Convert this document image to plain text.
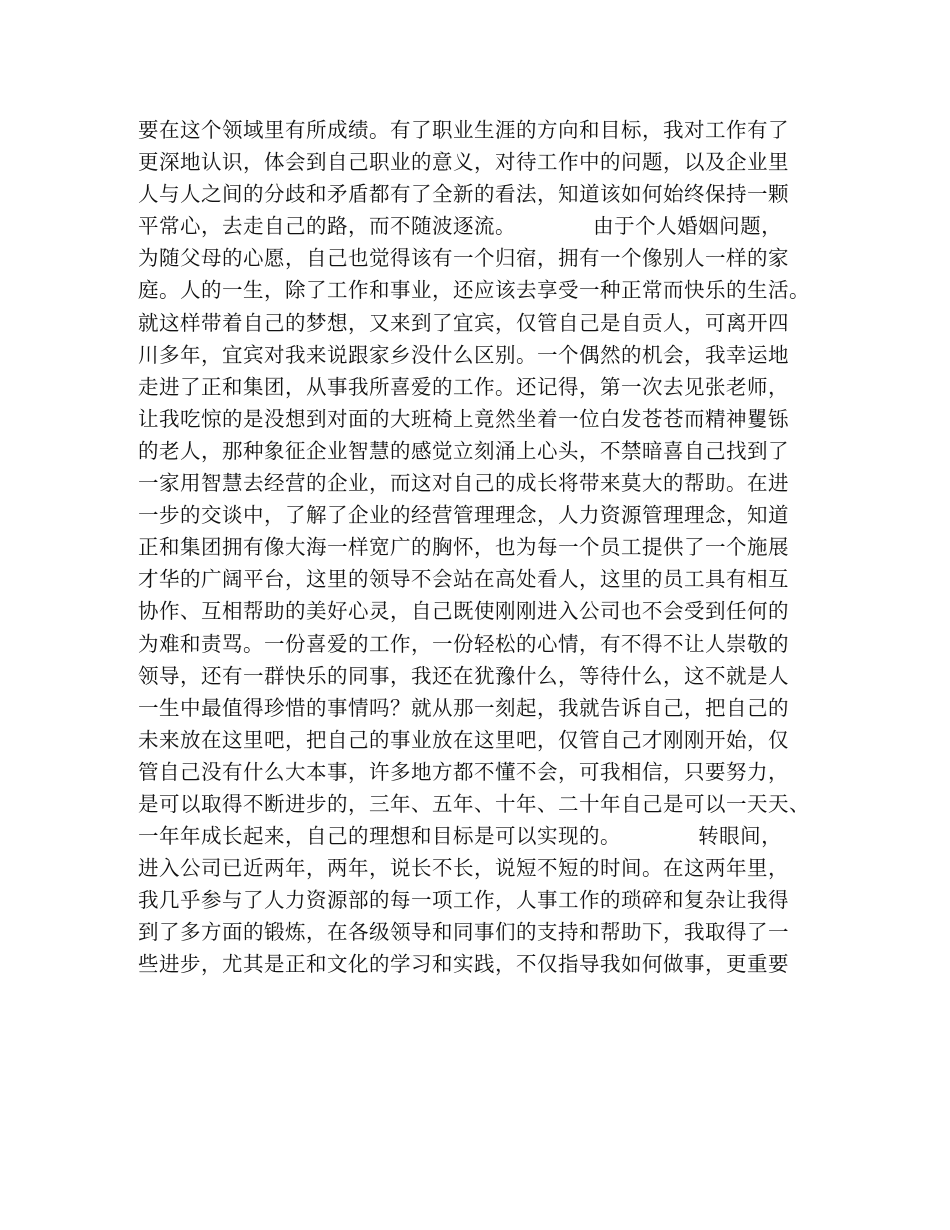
要在这个领域里有所成绩。有了职业生涯的方向和目标，我对工作有了
更深地认识，体会到自己职业的意义，对待工作中的问题，以及企业里
人与人之间的分歧和矛盾都有了全新的看法，知道该如何始终保持一颗
平常心，去走自己的路，而不随波逐流。           由于个人婚姻问题，
为随父母的心愿，自己也觉得该有一个归宿，拥有一个像别人一样的家
庭。人的一生，除了工作和事业，还应该去享受一种正常而快乐的生活。
就这样带着自己的梦想，又来到了宜宾，仅管自己是自贡人，可离开四
川多年，宜宾对我来说跟家乡没什么区别。一个偶然的机会，我幸运地
走进了正和集团，从事我所喜爱的工作。还记得，第一次去见张老师，
让我吃惊的是没想到对面的大班椅上竟然坐着一位白发苍苍而精神矍铄
的老人，那种象征企业智慧的感觉立刻涌上心头，不禁暗喜自己找到了
一家用智慧去经营的企业，而这对自己的成长将带来莫大的帮助。在进
一步的交谈中，了解了企业的经营管理理念，人力资源管理理念，知道
正和集团拥有像大海一样宽广的胸怀，也为每一个员工提供了一个施展
才华的广阔平台，这里的领导不会站在高处看人，这里的员工具有相互
协作、互相帮助的美好心灵，自己既使刚刚进入公司也不会受到任何的
为难和责骂。一份喜爱的工作，一份轻松的心情，有不得不让人崇敬的
领导，还有一群快乐的同事，我还在犹豫什么，等待什么，这不就是人
一生中最值得珍惜的事情吗？就从那一刻起，我就告诉自己，把自己的
未来放在这里吧，把自己的事业放在这里吧，仅管自己才刚刚开始，仅
管自己没有什么大本事，许多地方都不懂不会，可我相信，只要努力，
是可以取得不断进步的，三年、五年、十年、二十年自己是可以一天天、
一年年成长起来，自己的理想和目标是可以实现的。           转眼间，
进入公司已近两年，两年，说长不长，说短不短的时间。在这两年里，
我几乎参与了人力资源部的每一项工作，人事工作的琐碎和复杂让我得
到了多方面的锻炼，在各级领导和同事们的支持和帮助下，我取得了一
些进步，尤其是正和文化的学习和实践，不仅指导我如何做事，更重要
